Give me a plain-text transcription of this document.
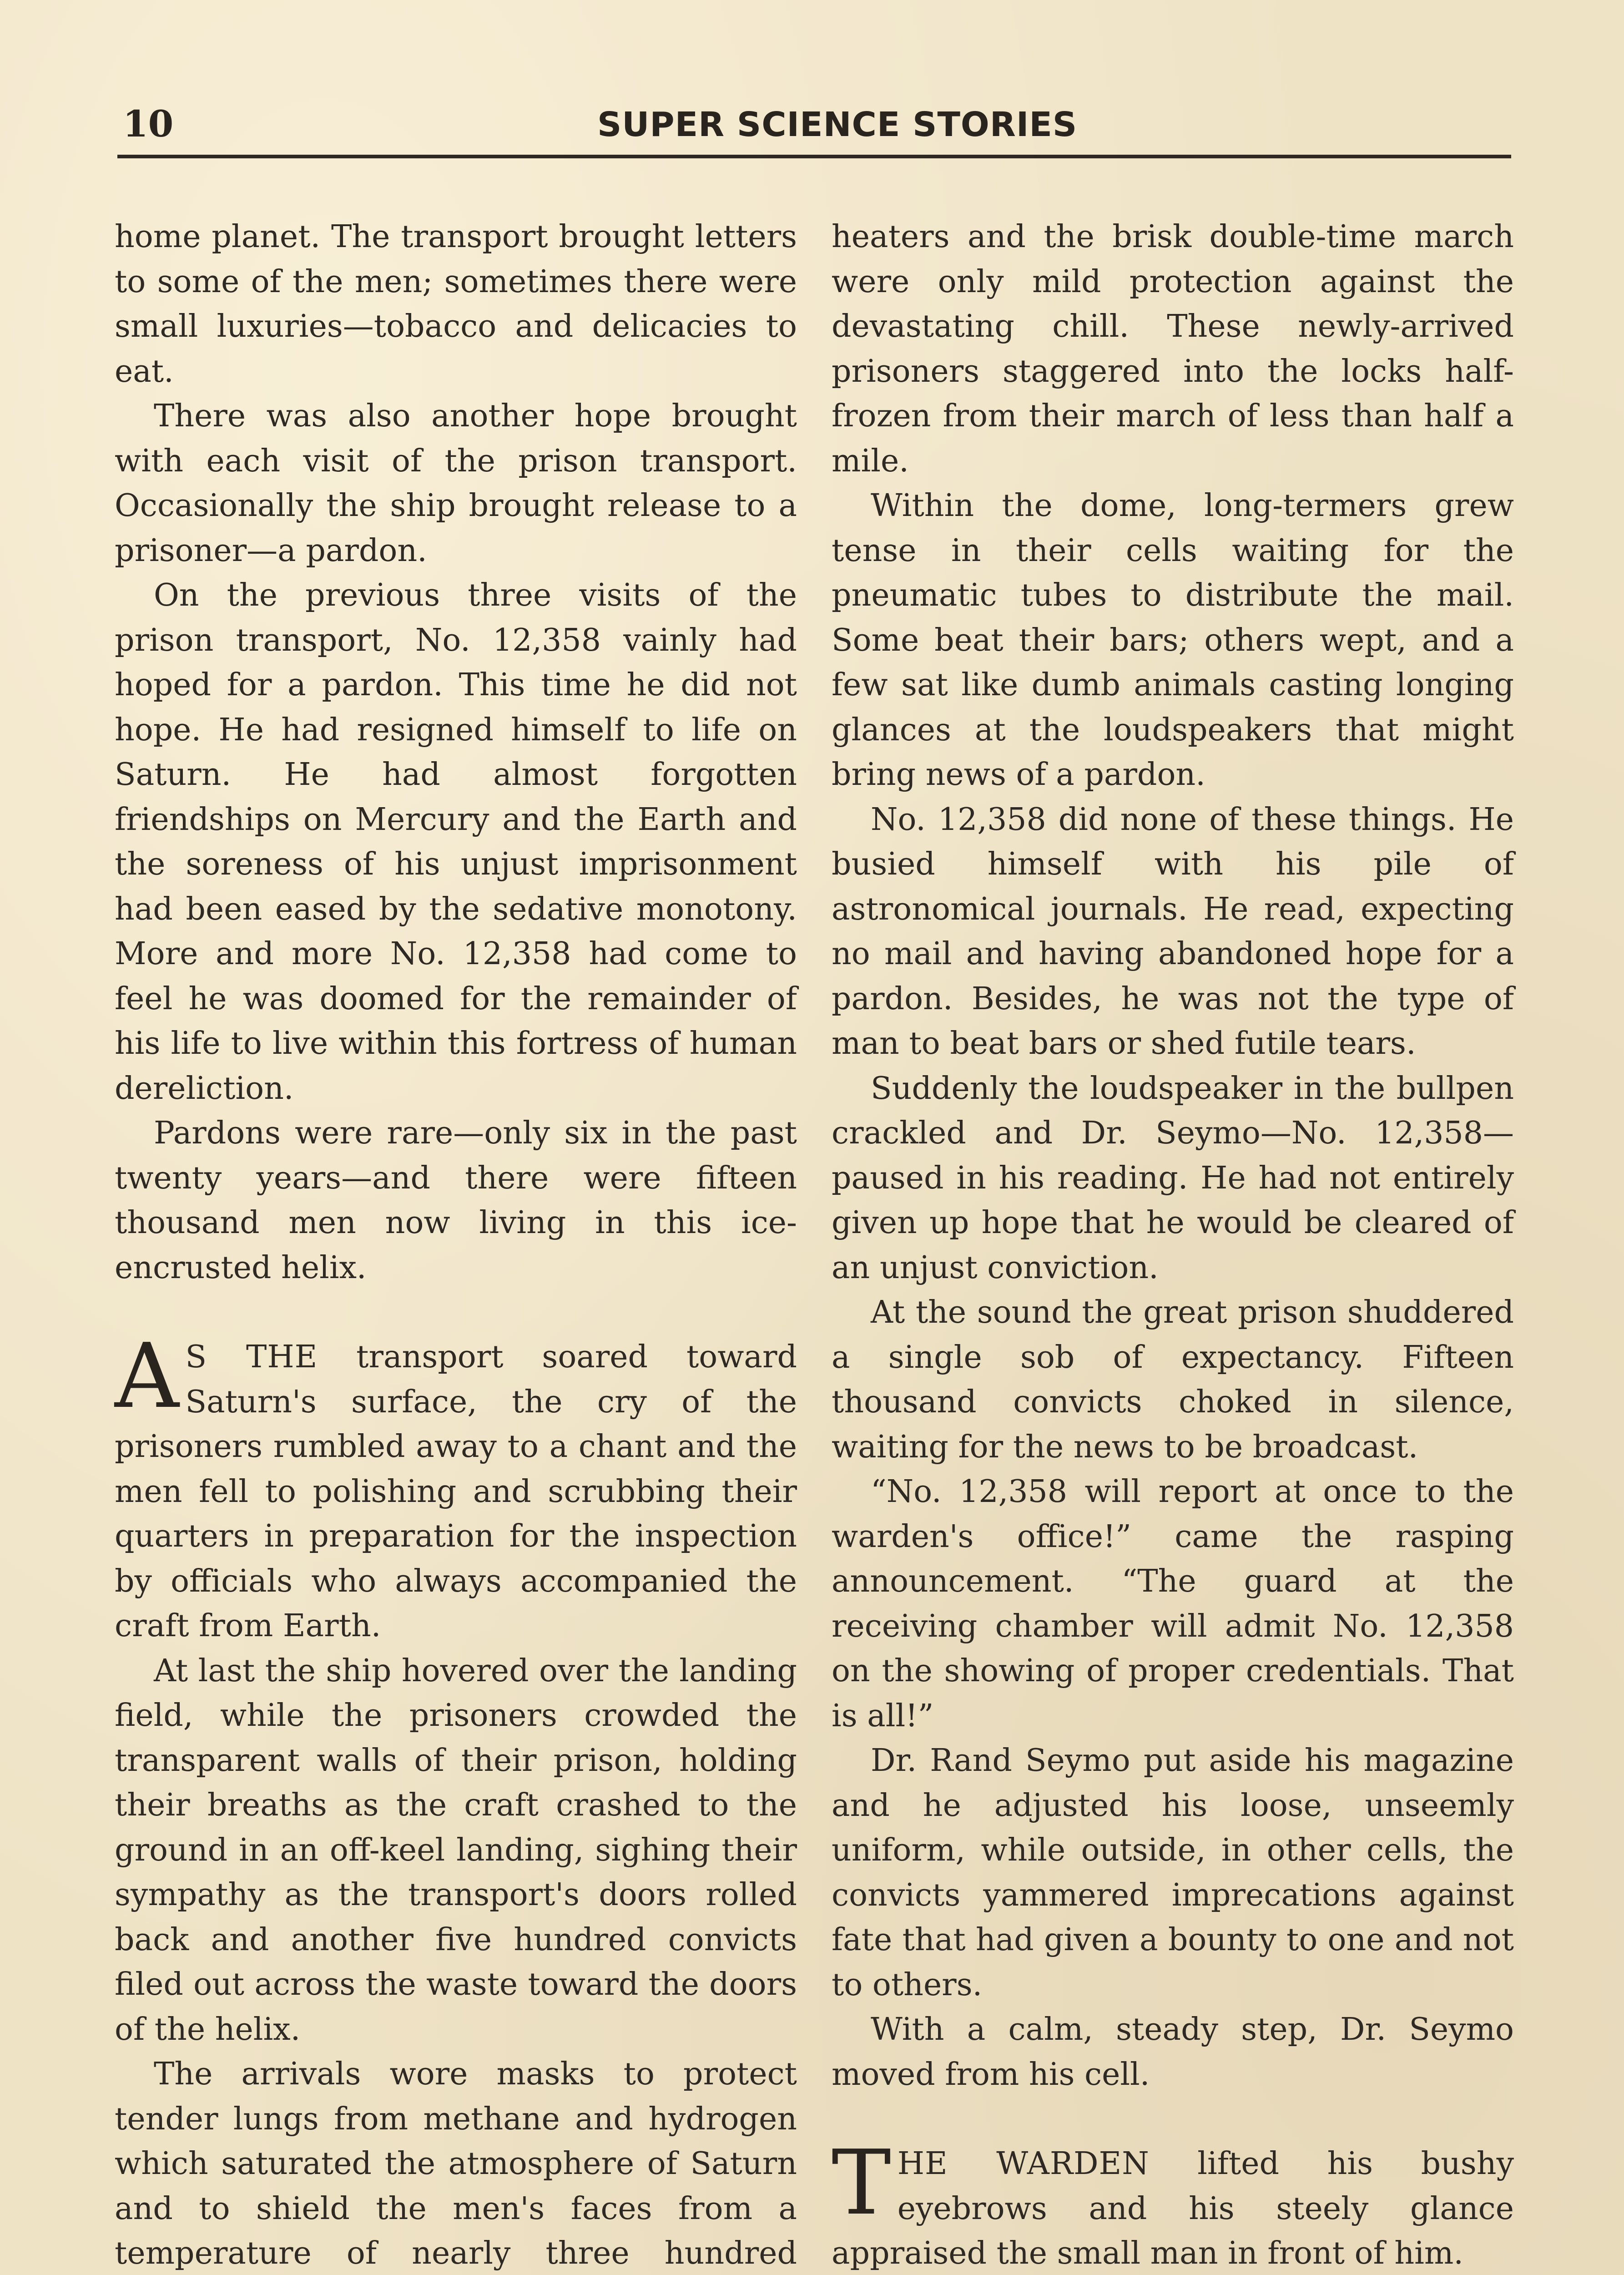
10	SUPER SCIENCE STORIES

home planet. The transport brought letters to some of the men; sometimes there were small luxuries—tobacco and delicacies to eat.

There was also another hope brought with each visit of the prison transport. Occasionally the ship brought release to a prisoner—a pardon.

On the previous three visits of the prison transport, No. 12,358 vainly had hoped for a pardon. This time he did not hope. He had resigned himself to life on Saturn. He had almost forgotten friendships on Mercury and the Earth and the soreness of his unjust imprisonment had been eased by the sedative monotony. More and more No. 12,358 had come to feel he was doomed for the remainder of his life to live within this fortress of human dereliction.

Pardons were rare—only six in the past twenty years—and there were fifteen thousand men now living in this ice-encrusted helix.

A S THE transport soared toward Saturn's surface, the cry of the prisoners rumbled away to a chant and the men fell to polishing and scrubbing their quarters in preparation for the inspection by officials who always accompanied the craft from Earth.

At last the ship hovered over the landing field, while the prisoners crowded the transparent walls of their prison, holding their breaths as the craft crashed to the ground in an off-keel landing, sighing their sympathy as the transport's doors rolled back and another five hundred convicts filed out across the waste toward the doors of the helix.

The arrivals wore masks to protect tender lungs from methane and hydrogen which saturated the atmosphere of Saturn and to shield the men's faces from a temperature of nearly three hundred

heaters and the brisk double-time march were only mild protection against the devastating chill. These newly-arrived prisoners staggered into the locks half-frozen from their march of less than half a mile.

Within the dome, long-termers grew tense in their cells waiting for the pneumatic tubes to distribute the mail. Some beat their bars; others wept, and a few sat like dumb animals casting longing glances at the loudspeakers that might bring news of a pardon.

No. 12,358 did none of these things. He busied himself with his pile of astronomical journals. He read, expecting no mail and having abandoned hope for a pardon. Besides, he was not the type of man to beat bars or shed futile tears.

Suddenly the loudspeaker in the bullpen crackled and Dr. Seymo—No. 12,358—paused in his reading. He had not entirely given up hope that he would be cleared of an unjust conviction.

At the sound the great prison shuddered a single sob of expectancy. Fifteen thousand convicts choked in silence, waiting for the news to be broadcast.

“No. 12,358 will report at once to the warden's office!” came the rasping announcement. “The guard at the receiving chamber will admit No. 12,358 on the showing of proper credentials. That is all!”

Dr. Rand Seymo put aside his magazine and he adjusted his loose, unseemly uniform, while outside, in other cells, the convicts yammered imprecations against fate that had given a bounty to one and not to others.

With a calm, steady step, Dr. Seymo moved from his cell.

THE WARDEN lifted his bushy eyebrows and his steely glance appraised the small man in front of him.
